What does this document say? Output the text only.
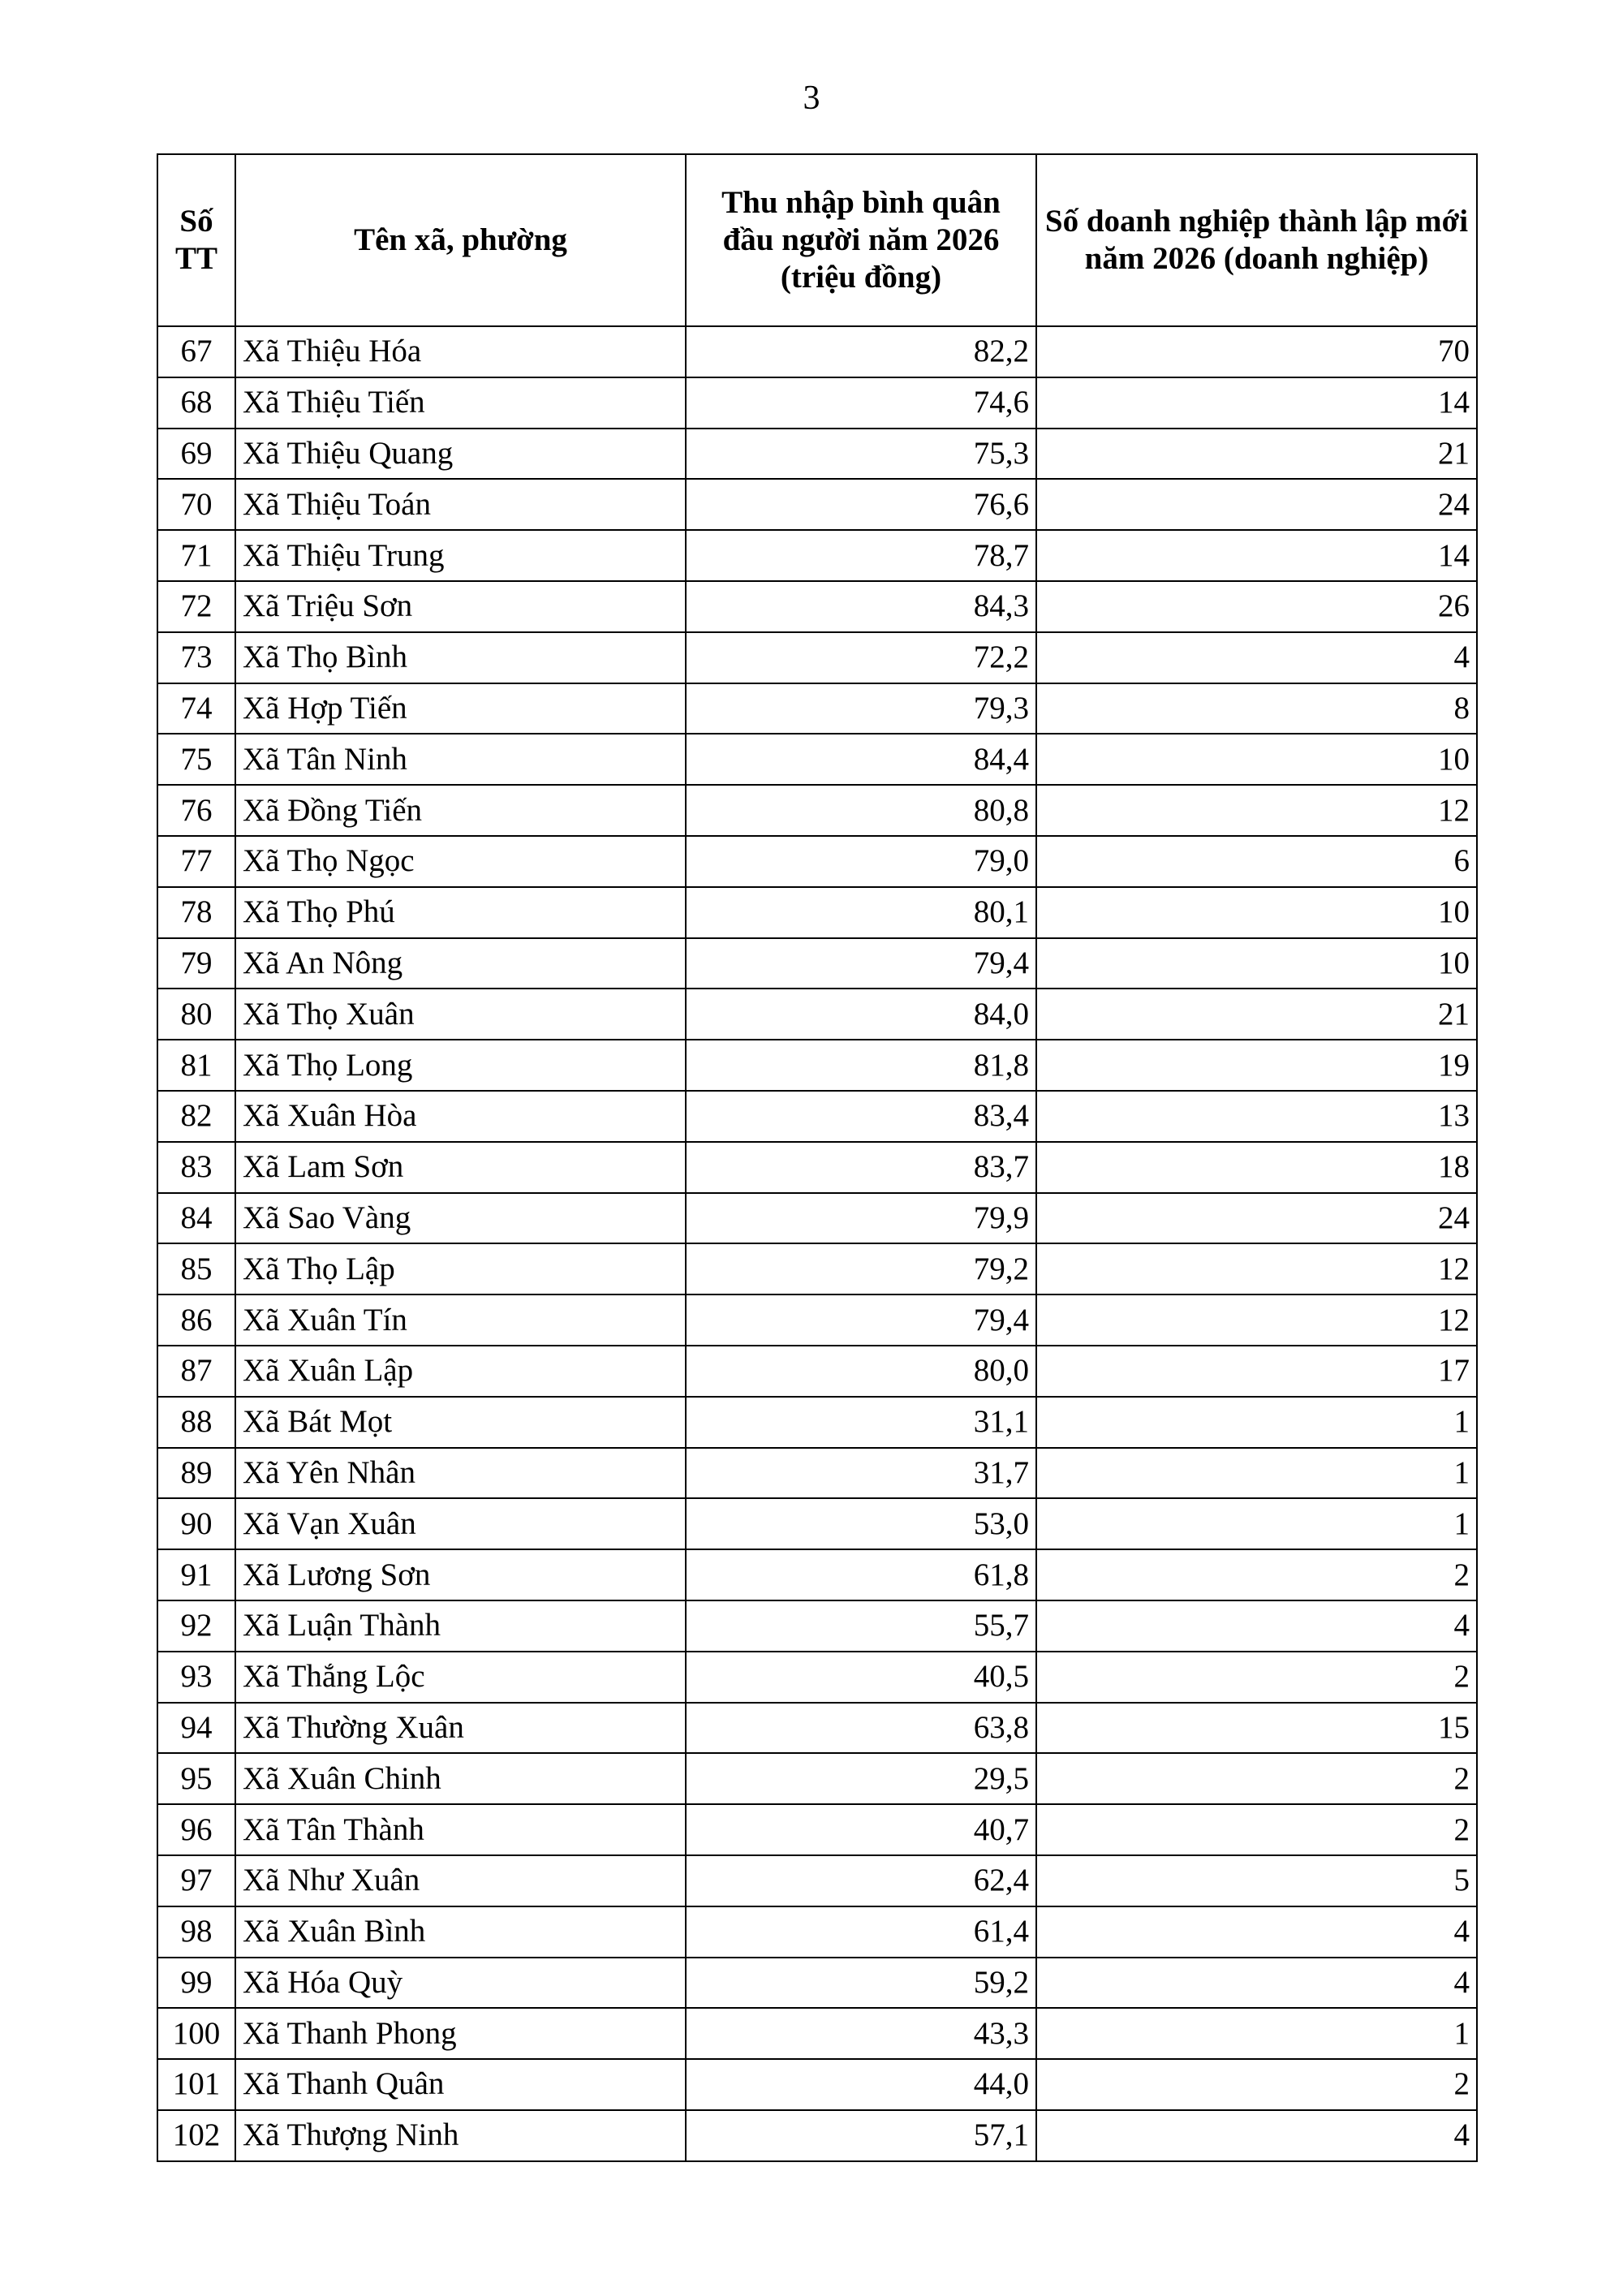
3
Số TT	Tên xã, phường	Thu nhập bình quân đầu người năm 2026 (triệu đồng)	Số doanh nghiệp thành lập mới năm 2026 (doanh nghiệp)
67	Xã Thiệu Hóa	82,2	70
68	Xã Thiệu Tiến	74,6	14
69	Xã Thiệu Quang	75,3	21
70	Xã Thiệu Toán	76,6	24
71	Xã Thiệu Trung	78,7	14
72	Xã Triệu Sơn	84,3	26
73	Xã Thọ Bình	72,2	4
74	Xã Hợp Tiến	79,3	8
75	Xã Tân Ninh	84,4	10
76	Xã Đồng Tiến	80,8	12
77	Xã Thọ Ngọc	79,0	6
78	Xã Thọ Phú	80,1	10
79	Xã An Nông	79,4	10
80	Xã Thọ Xuân	84,0	21
81	Xã Thọ Long	81,8	19
82	Xã Xuân Hòa	83,4	13
83	Xã Lam Sơn	83,7	18
84	Xã Sao Vàng	79,9	24
85	Xã Thọ Lập	79,2	12
86	Xã Xuân Tín	79,4	12
87	Xã Xuân Lập	80,0	17
88	Xã Bát Mọt	31,1	1
89	Xã Yên Nhân	31,7	1
90	Xã Vạn Xuân	53,0	1
91	Xã Lương Sơn	61,8	2
92	Xã Luận Thành	55,7	4
93	Xã Thắng Lộc	40,5	2
94	Xã Thường Xuân	63,8	15
95	Xã Xuân Chinh	29,5	2
96	Xã Tân Thành	40,7	2
97	Xã Như Xuân	62,4	5
98	Xã Xuân Bình	61,4	4
99	Xã Hóa Quỳ	59,2	4
100	Xã Thanh Phong	43,3	1
101	Xã Thanh Quân	44,0	2
102	Xã Thượng Ninh	57,1	4
